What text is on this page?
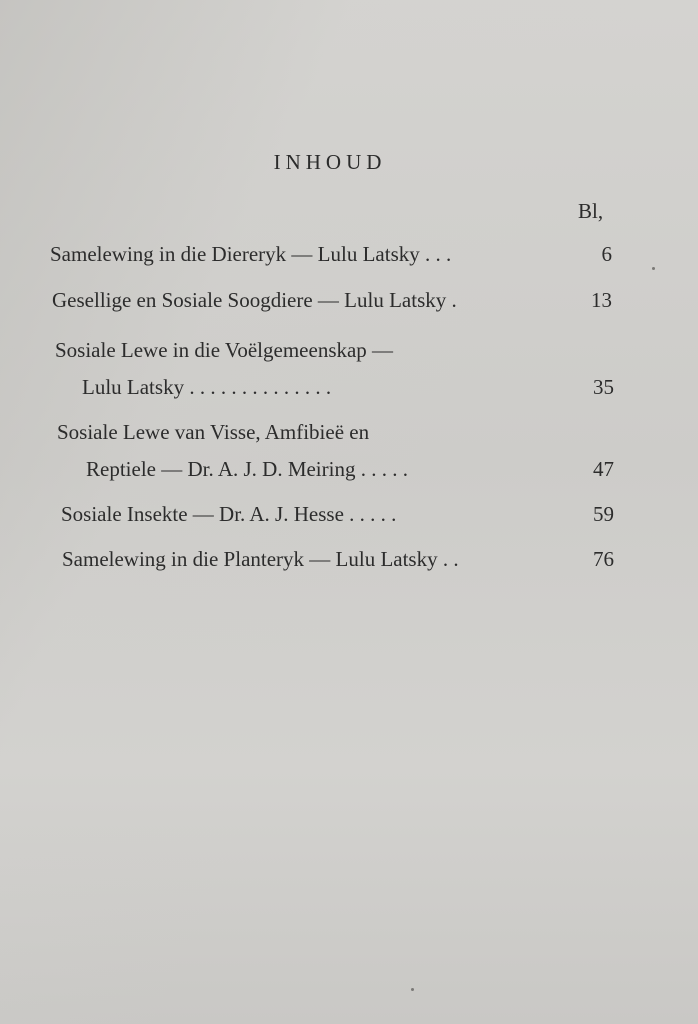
INHOUD
Bl,
Samelewing in die Diereryk — Lulu Latsky . . .	6
Gesellige en Sosiale Soogdiere — Lulu Latsky .	13
Sosiale Lewe in die Voëlgemeenskap —
Lulu Latsky . . . . . . . . . . . . . .	35
Sosiale Lewe van Visse, Amfibieë en
Reptiele — Dr. A. J. D. Meiring . . . . .	47
Sosiale Insekte — Dr. A. J. Hesse . . . . .	59
Samelewing in die Planteryk — Lulu Latsky . .	76
